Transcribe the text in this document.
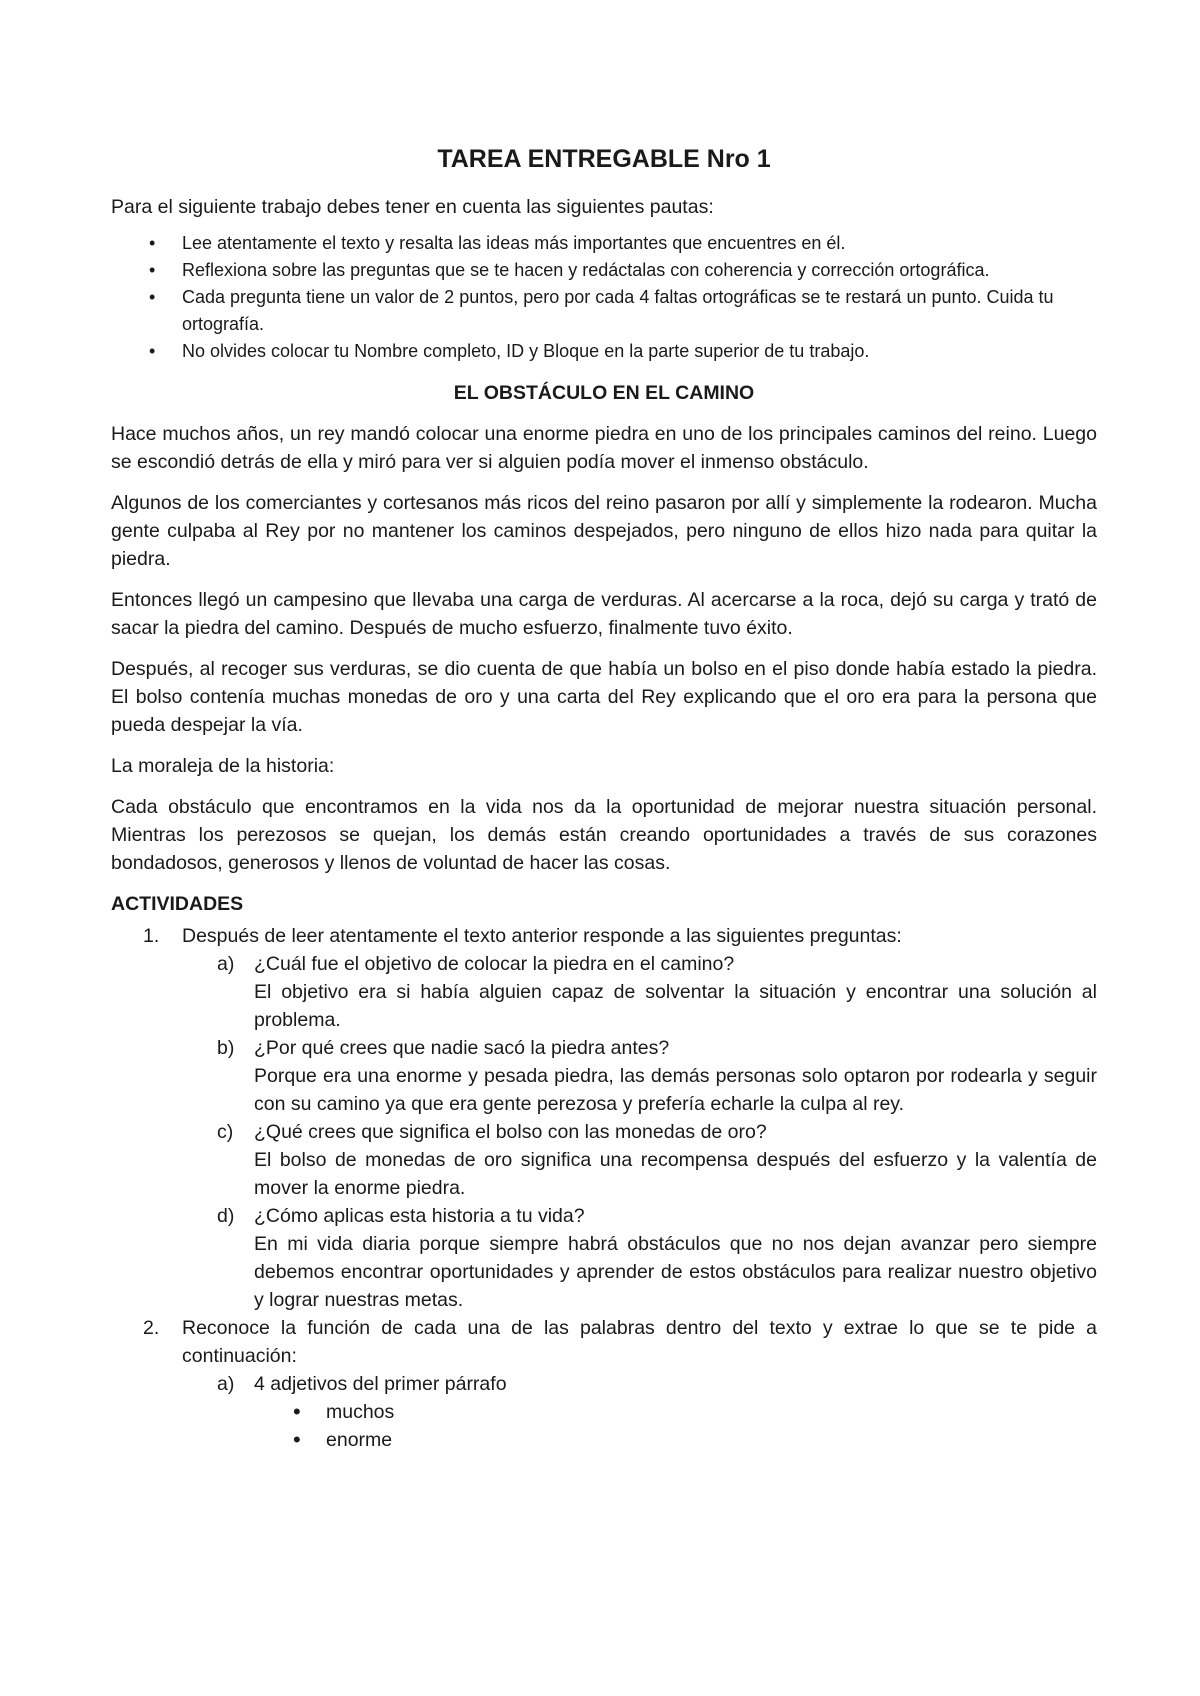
TAREA ENTREGABLE Nro 1

Para el siguiente trabajo debes tener en cuenta las siguientes pautas:

• Lee atentamente el texto y resalta las ideas más importantes que encuentres en él.
• Reflexiona sobre las preguntas que se te hacen y redáctalas con coherencia y corrección ortográfica.
• Cada pregunta tiene un valor de 2 puntos, pero por cada 4 faltas ortográficas se te restará un punto. Cuida tu ortografía.
• No olvides colocar tu Nombre completo, ID y Bloque en la parte superior de tu trabajo.
EL OBSTÁCULO EN EL CAMINO

Hace muchos años, un rey mandó colocar una enorme piedra en uno de los principales caminos del reino. Luego se escondió detrás de ella y miró para ver si alguien podía mover el inmenso obstáculo.

Algunos de los comerciantes y cortesanos más ricos del reino pasaron por allí y simplemente la rodearon. Mucha gente culpaba al Rey por no mantener los caminos despejados, pero ninguno de ellos hizo nada para quitar la piedra.

Entonces llegó un campesino que llevaba una carga de verduras. Al acercarse a la roca, dejó su carga y trató de sacar la piedra del camino. Después de mucho esfuerzo, finalmente tuvo éxito.

Después, al recoger sus verduras, se dio cuenta de que había un bolso en el piso donde había estado la piedra. El bolso contenía muchas monedas de oro y una carta del Rey explicando que el oro era para la persona que pueda despejar la vía.

La moraleja de la historia:

Cada obstáculo que encontramos en la vida nos da la oportunidad de mejorar nuestra situación personal. Mientras los perezosos se quejan, los demás están creando oportunidades a través de sus corazones bondadosos, generosos y llenos de voluntad de hacer las cosas.

ACTIVIDADES
1. Después de leer atentamente el texto anterior responde a las siguientes preguntas:
a) ¿Cuál fue el objetivo de colocar la piedra en el camino?
El objetivo era si había alguien capaz de solventar la situación y encontrar una solución al problema.
b) ¿Por qué crees que nadie sacó la piedra antes?
Porque era una enorme y pesada piedra, las demás personas solo optaron por rodearla y seguir con su camino ya que era gente perezosa y prefería echarle la culpa al rey.
c) ¿Qué crees que significa el bolso con las monedas de oro?
El bolso de monedas de oro significa una recompensa después del esfuerzo y la valentía de mover la enorme piedra.
d) ¿Cómo aplicas esta historia a tu vida?
En mi vida diaria porque siempre habrá obstáculos que no nos dejan avanzar pero siempre debemos encontrar oportunidades y aprender de estos obstáculos para realizar nuestro objetivo y lograr nuestras metas.
2. Reconoce la función de cada una de las palabras dentro del texto y extrae lo que se te pide a continuación:
a) 4 adjetivos del primer párrafo
• muchos
• enorme
